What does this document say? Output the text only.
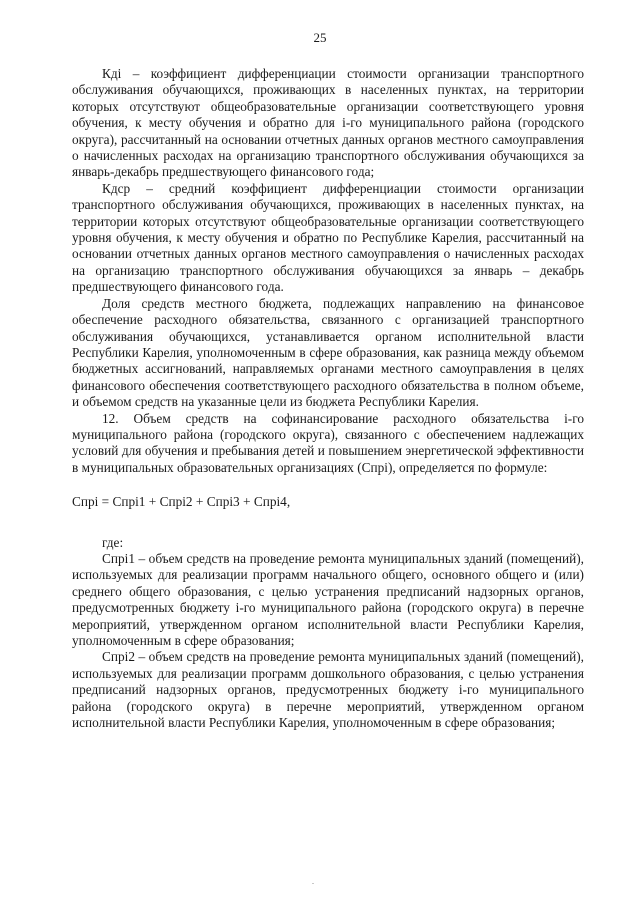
25

Кдi – коэффициент дифференциации стоимости организации транспортного обслуживания обучающихся, проживающих в населенных пунктах, на территории которых отсутствуют общеобразовательные организации соответствующего уровня обучения, к месту обучения и обратно для i-го муниципального района (городского округа), рассчитанный на основании отчетных данных органов местного самоуправления о начисленных расходах на организацию транспортного обслуживания обучающихся за январь-декабрь предшествующего финансового года;

Кдср – средний коэффициент дифференциации стоимости организации транспортного обслуживания обучающихся, проживающих в населенных пунктах, на территории которых отсутствуют общеобразовательные организации соответствующего уровня обучения, к месту обучения и обратно по Республике Карелия, рассчитанный на основании отчетных данных органов местного самоуправления о начисленных расходах на организацию транспортного обслуживания обучающихся за январь – декабрь предшествующего финансового года.

Доля средств местного бюджета, подлежащих направлению на финансовое обеспечение расходного обязательства, связанного с организацией транспортного обслуживания обучающихся, устанавливается органом исполнительной власти Республики Карелия, уполномоченным в сфере образования, как разница между объемом бюджетных ассигнований, направляемых органами местного самоуправления в целях финансового обеспечения соответствующего расходного обязательства в полном объеме, и объемом средств на указанные цели из бюджета Республики Карелия.

12. Объем средств на софинансирование расходного обязательства i-го муниципального района (городского округа), связанного с обеспечением надлежащих условий для обучения и пребывания детей и повышением энергетической эффективности в муниципальных образовательных организациях (Спрi), определяется по формуле:

Спрi = Спрi1 + Спрi2 + Спрi3 + Спрi4,

где:

Спрi1 – объем средств на проведение ремонта муниципальных зданий (помещений), используемых для реализации программ начального общего, основного общего и (или) среднего общего образования, с целью устранения предписаний надзорных органов, предусмотренных бюджету i-го муниципального района (городского округа) в перечне мероприятий, утвержденном органом исполнительной власти Республики Карелия, уполномоченным в сфере образования;

Спрi2 – объем средств на проведение ремонта муниципальных зданий (помещений), используемых для реализации программ дошкольного образования, с целью устранения предписаний надзорных органов, предусмотренных бюджету i-го муниципального района (городского округа) в перечне мероприятий, утвержденном органом исполнительной власти Республики Карелия, уполномоченным в сфере образования;
